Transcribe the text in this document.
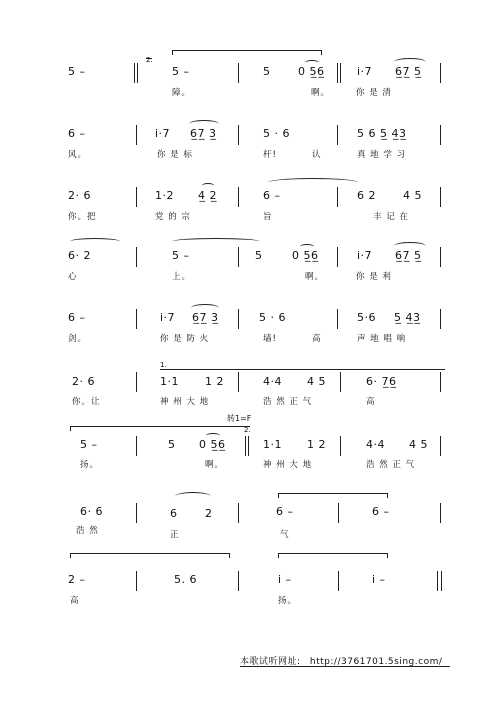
2.
5 –	5 –	5	0 5̲6̲	i·7 6̲7̲ 5̲
障。	啊。	你 是 清
6 –	i·7 6̲7̲ 3̲	5 · 6	5 6 5̲ 4̲3̲
风。	你 是 标	杆!	认	真 地 学 习
2· 6	1·2 4̲ 2̲	6 –	6 2 4 5
你。把	党 的 宗	旨	丰 记 在
6· 2	5 –	5	0 5̲6̲	i·7 6̲7̲ 5̲
心	上。	啊。	你 是 利
6 –	i·7 6̲7̲ 3̲	5 · 6	5·6 5̲ 4̲3̲
剑。	你 是 防 火	墙!	高	声 地 唱 响
1.
2· 6	1·1 1 2	4·4 4 5	6· 7̲6̲
你。让	神 州 大 地	浩 然 正 气	高
转1=F
2.
5 –	5 0 5̲6̲	1·1 1 2	4·4 4 5
扬。	啊。	神 州 大 地	浩 然 正 气
6· 6	6	2	6 –	6 –
浩 然	正	气
2 –	5. 6	i –	i –
高	扬。
本歌试听网址: http://3761701.5sing.com/
